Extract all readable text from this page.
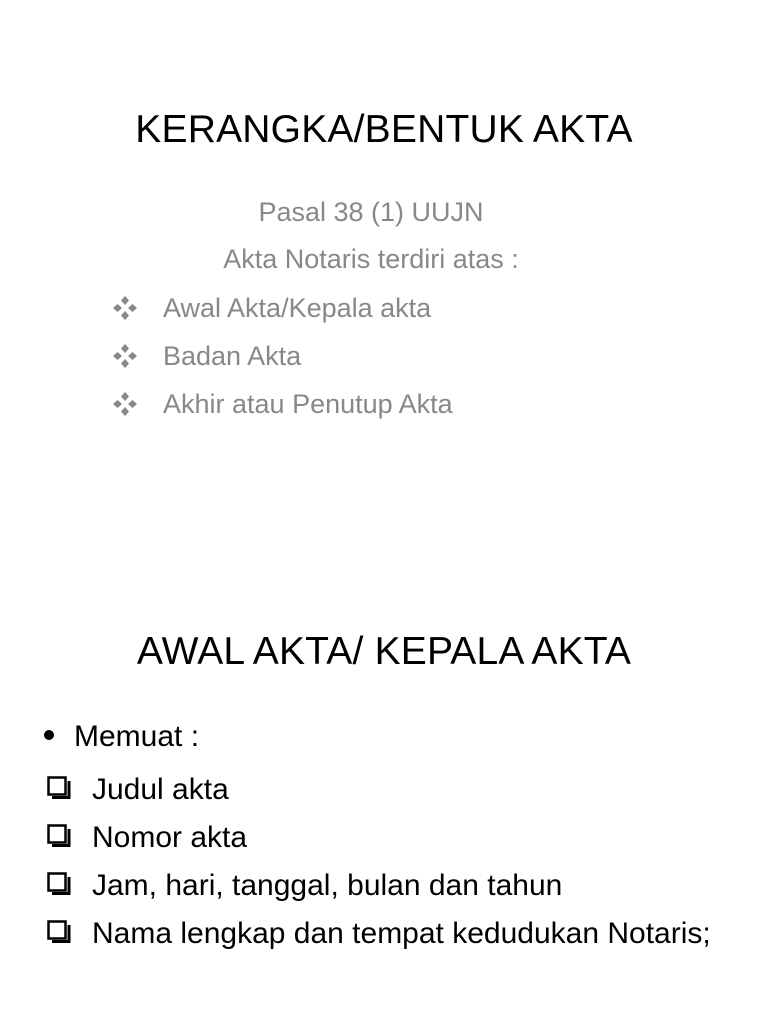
KERANGKA/BENTUK AKTA
Pasal 38 (1) UUJN
Akta Notaris terdiri atas :
Awal Akta/Kepala akta
Badan Akta
Akhir atau Penutup Akta
AWAL AKTA/ KEPALA AKTA
Memuat :
Judul akta
Nomor akta
Jam, hari, tanggal, bulan dan tahun
Nama lengkap dan tempat kedudukan Notaris;
